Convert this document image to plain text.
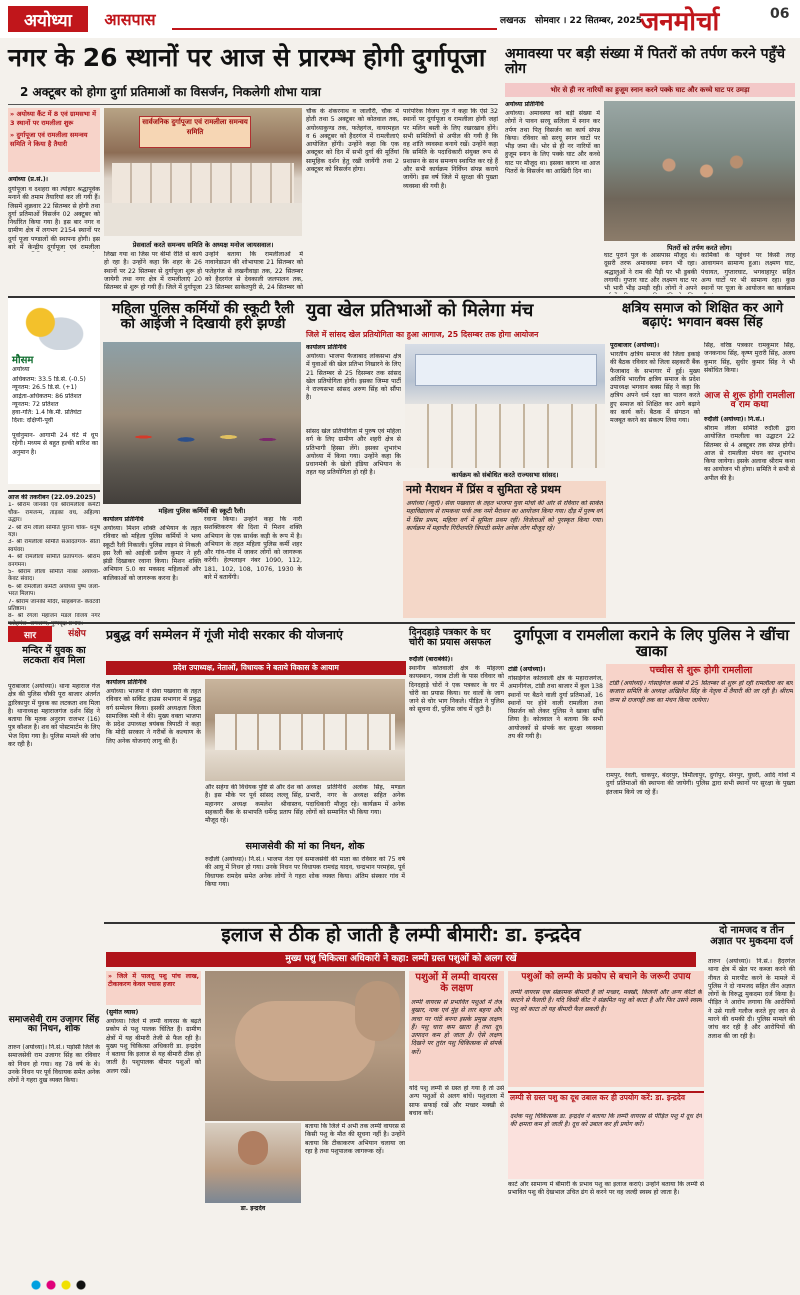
अयोध्या	आसपास	लखनऊ सोमवार । 22 सितम्बर, 2025
जनमोर्चा	06
नगर के 26 स्थानों पर आज से प्रारम्भ होगी दुर्गापूजा
2 अक्टूबर को होगा दुर्गा प्रतिमाओं का विसर्जन, निकलेगी शोभा यात्रा
» अयोध्या कैंट में 8 एवं ग्रामसभा में 3 स्थानों पर रामलीला शुरू
» दुर्गापूजा एवं रामलीला समन्वय समिति ने किया है तैयारी
अयोध्या (प्र.सं.)।
दुर्गापूजा व दशहरा का त्योहार श्रद्धापूर्वक मनाने की तमाम तैयारियां कर ली गयी हैं। जिसमें शुक्रवार 22 सितम्बर से होगी तथा दुर्गा प्रतिमाओं विसर्जन 02 अक्टूबर को निर्धारित किया गया है। इस बार नगर व ग्रामीण क्षेत्र में लगभग 2154 स्थानों पर दुर्गा पूजा पण्डालों की स्थापना होगी। इस बारे में केन्द्रीय दुर्गापूजा एवं रामलीला
सार्वजनिक दुर्गापूजा एवं रामलीला समन्वय समिति
प्रेसवार्ता करते समन्वय समिति के अध्यक्ष मनोज जायसवाल।
लिखा गया था जिस पर बीमों रीति से कार्य हो रहा है। उन्होंने कहा कि शहर के 26 स्थानों पर 22 सितम्बर से दुर्गापूजा शुरू हो जायेगी तथा नगर क्षेत्र में रामलीलाएं 20 सितम्बर से शुरू हो गयी हैं। जिले में दुर्गापूजा
उन्होंने बताया कि रामलीलाओं में नावानेडाउन की शोभायात्रा 21 सितम्बर को फतेहगंज से लखनीवाड़ा तक, 22 सितम्बर को हैदरगंज से देवकाली जलपालन तक, 23 सितम्बर साकेतपुरी से, 24 सितम्बर को
चौक के शंकरनाथ व जालौरी, चौक में होती तथा 5 अक्टूबर को कोतवाल तक, अयोध्याकुण्ड तक, फतेहगंज, वायरमहल व 6 अक्टूबर को हैदरगंज में रामलीलाएं आयोजित होंगी। उन्होंने कहा कि एक अक्टूबर को दिन में सभी दुर्गा की मूर्तियां सामूहिक दर्शन हेतु रखी जायेंगी तथा 2 अक्टूबर को विसर्जन होगा।
पारंपरिक विजय गुरु ने कहा कि ऐसे 32 स्थानों पर दुर्गापूजा व रामलीला होगी जहां पर मलिन बस्ती के लिए रखरखाव होंगे। सभी समितियों से अपील की गयी है कि वह शांति व्यवस्था बनाये रखें। उन्होंने कहा कि समिति के पदाधिकारी संयुक्त रूप से प्रशासन के साथ समन्वय स्थापित कर रहे हैं और सभी कार्यक्रम निर्विघ्न संपन्न कराये जायेंगे। इस वर्ष जिले में सुरक्षा की पुख्ता व्यवस्था की गयी है।
अमावस्या पर बड़ी संख्या में पितरों को तर्पण करने पहुँचे लोग
भोर से ही नर नारियों का हुजूम स्नान करने पक्के घाट और कच्चे घाट पर उमड़ा
अयोध्या प्रतिनिधि
अयोध्या। अमावस्या को बड़ी संख्या में लोगों ने पावन सरयू सलिला में स्नान कर तर्पण तथा पितृ विसर्जन का कार्य संपन्न किया। रविवार को सरयू स्नान घाटों पर भीड़ जमा थी। भोर से ही नर नारियों का हुजूम स्नान के लिए पक्के घाट और कच्चे घाट पर मौजूद था। इसका कारण था आज पितरों के विसर्जन का आखिरी दिन था।
पितरों को तर्पण करते लोग।
घाट पुराने पुल के आसपास मौजूद थे। दूसरी तरफ अमावस्या स्नान भी रहा। श्रद्धालुओं ने राम की पैड़ी पर भी डुबकी लगायी। गुप्तार घाट और लक्ष्मण घाट पर भी भारी भीड़ उमड़ी रही। लोगों ने अपने
कार्मिकों के पहुंचने पर किसी तरह आवागमन सामान्य हुआ। लक्ष्मण घाट, पंचायत, गुप्तारघाट, भगवाहापुर सहित अन्य घाटों पर भी सामान्य रहा। कुछ स्थानों पर पूजा के आयोजन का कार्यक्रम
महिला पुलिस कर्मियों की स्कूटी रैली को आईजी ने दिखायी हरी झण्डी
महिला पुलिस कर्मियों की स्कूटी रैली।
कार्यालय प्रतिनिधि
अयोध्या। मिशन शक्ति अभियान के तहत रविवार को महिला पुलिस कर्मियों ने भव्य स्कूटी रैली निकाली। पुलिस लाइन से निकली इस रैली को आईजी प्रवीण कुमार ने हरी झंडी दिखाकर रवाना किया। मिशन शक्ति अभियान 5.0 का मकसद महिलाओं और बालिकाओं को जागरूक करना है।
रवाना किया। उन्होंने कहा कि नारी सशक्तिकरण की दिशा में मिशन शक्ति अभियान के एक सार्थक कड़ी के रूप में है। अभियान के तहत महिला पुलिस कर्मी शहर और गांव-गांव में जाकर लोगों को जागरूक करेंगी। हेल्पलाइन नंबर 1090, 112, 181, 102, 108, 1076, 1930 के बारे में बतायेंगी।
मौसम
अयोध्या
अधिकतम: 33.5 डि.से. (-0.5)
न्यूनतम: 26.5 डि.से. (+1)
आर्द्रता-अधिकतम: 86 प्रतिशत
न्यूनतम: 72 प्रतिशत
हवा-गति: 1.4 कि.मी. प्रतिघंटा
दिशा: दक्षिणी-पूर्वी
पूर्वानुमान- आगामी 24 घंटे में धूप रहेगी। मध्यम से बहुत हल्की बारिश का अनुमान है।
आज की तकरीबन (22.09.2025)
1- श्रीराम जानकी एवं श्रीरामलीला कमेटी चौक- रामजन्म, ताड़का वध, अहिल्या उद्धार।
2- श्री राम लीला समिति पुराना चौक- धनुष यज्ञ।
3- श्री रामलीला समिति सआदतगंज- सीता स्वयंवर।
4- श्री रामलीला समिति प्रतापगंज- श्रीराम वनगमन।
5- श्रीराम लीला समिति नाका अयोध्या- केवट संवाद।
6- श्री रामलीला कमेटी अयोध्या पुष्प जलो- भरत मिलाप।
7- श्रीराम जानकी मंदिर, साहबगंज- केवटवी प्रतिष्ठान।
8- श्री रंगला महाजन मंडल विजय नगर
युवा खेल प्रतिभाओं को मिलेगा मंच
जिले में सांसद खेल प्रतियोगिता का हुआ आगाज, 25 दिसम्बर तक होगा आयोजन
कार्यालय प्रतिनिधि
अयोध्या। भाजपा फैजाबाद लोकसभा क्षेत्र में युवाओं की खेल प्रतिभा निखारने के लिए 21 सितम्बर से 25 दिसम्बर तक सांसद खेल प्रतियोगिता होगी। इसका जिम्मा पार्टी ने राज्यसभा सांसद अरुण सिंह को सौंपा है।
कार्यक्रम को संबोधित करते राज्यसभा सांसद।
सांसद खेल प्रतियोगिता में पुरुष एवं महिला वर्ग के लिए ग्रामीण और शहरी क्षेत्र से प्रतिभागी हिस्सा लेंगे। इसका शुभारंभ अयोध्या में किया गया। उन्होंने कहा कि प्रधानमंत्री के खेलो इंडिया अभियान के तहत यह प्रतियोगिता हो रही है।
नमो मैराथन में प्रिंस व सुमिता रहे प्रथम
अयोध्या (व्यूरो)। सेवा पखवारा के तहत भाजपा युवा मोर्चा की ओर से रविवार को साकेत महाविद्यालय से रामकथा पार्क तक नमो मैराथन का आयोजन किया गया। दौड़ में पुरुष वर्ग में प्रिंस प्रथम, महिला वर्ग में सुमिता प्रथम रहीं। विजेताओं को पुरस्कृत किया गया। कार्यक्रम में महापौर गिरीशपति त्रिपाठी समेत अनेक लोग मौजूद रहे।
क्षत्रिय समाज को शिक्षित कर आगे बढ़ाएं: भगवान बक्स सिंह
पूराबाजार (अयोध्या)।
भारतीय क्षत्रिय समाज की जिला इकाई की बैठक रविवार को जिला सहकारी बैंक फैजाबाद के सभागार में हुई। मुख्य अतिथि भारतीय क्षत्रिय समाज के प्रदेश उपाध्यक्ष भगवान बक्स सिंह ने कहा कि क्षत्रिय अपने धर्म रक्षा का पालन करते हुए समाज को शिक्षित कर आगे बढ़ाने का कार्य करें। बैठक में संगठन को मजबूत करने का संकल्प लिया गया।
सिंह, वरिष्ठ पत्रकार रामकुमार सिंह, जनकनाथ सिंह, कृष्ण मुरारी सिंह, अजय कुमार सिंह, सुधीर कुमार सिंह ने भी संबोधित किया।
आज से शुरू होगी रामलीला व राम कथा
रुदौली (अयोध्या)। नि.सं.।
श्रीराम लीला समिति रुदौली द्वारा आयोजित रामलीला का उद्घाटन 22 सितम्बर से 4 अक्टूबर तक संपन्न होगी। आज से रामलीला मंचन का शुभारंभ किया जायेगा। इसके अलावा श्रीराम कथा का आयोजन भी होगा। समिति ने सभी से अपील की है।
सार	संक्षेप
मन्दिर में युवक का लटकता शव मिला
पूराबाजार (अयोध्या)। थाना महाराज गंज क्षेत्र की पुलिस चौकी पूरा बाजार अंतर्गत द्वारिकापुर में युवक का लटकता शव मिला है। थानाध्यक्ष महाराजगंज दर्शन सिंह ने बताया कि मृतक अनुराग राजभर (16) पुत्र कौशल है। शव को पोस्टमार्टम के लिए भेज दिया गया है। पुलिस मामले की जांच कर रही है।
समाजसेवी राम उजागर सिंह का निधन, शोक
तारुन (अयोध्या)। नि.सं.। पड़ोसी जिले के समाजसेवी राम उजागर सिंह का रविवार को निधन हो गया। वह 78 वर्ष के थे। उनके निधन पर पूर्व विधायक समेत अनेक लोगों ने गहरा दुख व्यक्त किया।
प्रबुद्ध वर्ग सम्मेलन में गूंजी मोदी सरकार की योजनाएं
प्रदेश उपाध्यक्ष, नेताओं, विधायक ने बताये विकास के आयाम
कार्यालय प्रतिनिधि
अयोध्या। भाजपा ने सेवा पखवारा के तहत रविवार को सर्किट हाउस सभागार में प्रबुद्ध वर्ग सम्मेलन किया। इसकी अध्यक्षता जिला सामाजिक मंत्री ने की। मुख्य वक्ता भाजपा के प्रदेश उपाध्यक्ष त्रयंबक त्रिपाठी ने कहा कि मोदी सरकार ने गरीबों के कल्याण के लिए अनेक योजनाएं लागू की हैं।
और सहेगा की विधेयक पुष्टि से और देश को है। इस मौके पर पूर्व सांसद लल्लू सिंह, महानगर अध्यक्ष कमलेश श्रीवास्तव, सहकारी बैंक के सभापति धर्मेन्द्र प्रताप सिंह मौजूद रहे।
अध्यक्ष प्रतिनिधि अलोक सिंह, मण्डल प्रभारी, नगर के अध्यक्ष सहित अनेक पदाधिकारी मौजूद रहे। कार्यक्रम में अनेक लोगों को सम्मानित भी किया गया।
समाजसेवी की मां का निधन, शोक
रुदौली (अयोध्या)। नि.सं.। भाजपा नेता एवं समाजसेवी की माता का रविवार को 75 वर्ष की आयु में निधन हो गया। उनके निधन पर विधायक रामचंद्र यादव, चन्द्रभान परमहंस, पूर्व विधायक रामदेव समेत अनेक लोगों ने गहरा शोक व्यक्त किया। अंतिम संस्कार गांव में किया गया।
दिनदहाड़े पत्रकार के घर चोरी का प्रयास असफल
रुदौली (बाराबंकी)।
स्थानीय कोतवाली क्षेत्र के मोहल्ला कायस्थान, नवाब टोली के पास रविवार को दिनदहाड़े चोरों ने एक पत्रकार के घर में चोरी का प्रयास किया। घर वालों के जाग जाने से चोर भाग निकले। पीड़ित ने पुलिस को सूचना दी, पुलिस जांच में जुटी है।
दुर्गापूजा व रामलीला कराने के लिए पुलिस ने खींचा खाका
टांडी (अयोध्या)।
गोसाईगंज कोतवाली क्षेत्र के महाराजगंज, अमानीगंज, टांडी तथा बाजार में कुल 138 स्थानों पर बैठने वाली दुर्गा प्रतिमाओं, 16 स्थानों पर होने वाली रामलीला तथा विसर्जन को लेकर पुलिस ने खाका खींच लिया है। कोतवाल ने बताया कि सभी आयोजकों से संपर्क कर सुरक्षा व्यवस्था तय की गयी है।
पच्चीस से शुरू होगी रामलीला
टांडी (अयोध्या)। गोसाईगंज कस्बे में 25 सितम्बर से शुरू हो रही रामलीला का बार कजारा समिति के अध्यक्ष अखिलेश सिंह के नेतृत्व में तैयारी की जा रही है। श्रीराम जन्म से राजगद्दी तक का मंचन किया जायेगा।
रामपुर, रेवती, चाकपुर, बंदरपुर, त्रिमौलापुर, दुर्गापुर, सेनपुर, घुघरी, आदि गांवों में दुर्गा प्रतिमाओं की स्थापना की जायेगी। पुलिस द्वारा सभी स्थानों पर सुरक्षा के पुख्ता इंतजाम किये जा रहे हैं।
इलाज से ठीक हो जाती है लम्पी बीमारी: डा. इन्द्रदेव
मुख्य पशु चिकित्सा अधिकारी ने कहा: लम्पी ग्रस्त पशुओं को अलग रखें
» जिले में पालतू पशु पांच लाख, टीकाकरण केवल पचास हजार
(सुमीत व्यास)
अयोध्या। जिले में लम्पी वायरस के बढ़ते प्रकोप से पशु पालक चिंतित हैं। ग्रामीण क्षेत्रों में यह बीमारी तेजी से फैल रही है। मुख्य पशु चिकित्सा अधिकारी डा. इन्द्रदेव ने बताया कि इलाज से यह बीमारी ठीक हो जाती है। पशुपालक बीमार पशुओं को अलग रखें।
डा. इन्द्रदेव
बताया कि जिले में अभी तक लम्पी वायरस से किसी पशु के मौत की सूचना नहीं है। उन्होंने बताया कि टीकाकरण अभियान चलाया जा रहा है तथा पशुपालक जागरूक रहें।
पशुओं में लम्पी वायरस के लक्षण
लम्पी वायरस से प्रभावित पशुओं में तेज बुखार, नाक एवं मुंह से लार बहना और त्वचा पर गांठें बनना इसके प्रमुख लक्षण हैं। पशु चारा कम खाता है तथा दूध उत्पादन कम हो जाता है। ऐसे लक्षण दिखने पर तुरंत पशु चिकित्सक से संपर्क करें।
यदि पशु लम्पी से ग्रस्त हो गया है तो उसे अन्य पशुओं से अलग बांधें। पशुशाला में साफ सफाई रखें और मच्छर मक्खी से बचाव करें।
पशुओं को लम्पी के प्रकोप से बचाने के जरूरी उपाय
लम्पी वायरस एक संक्रामक बीमारी है जो मच्छर, मक्खी, किलनी और अन्य कीटों के काटने से फैलती है। यदि किसी कीट ने संक्रमित पशु को काटा है और फिर उसने स्वस्थ पशु को काटा तो यह बीमारी फैल सकती है।
लम्पी से ग्रस्त पशु का दूध उबाल कर ही उपयोग करें: डा. इन्द्रदेव
दर्शक पशु चिकित्सक डा. इन्द्रदेव ने बताया कि लम्पी वायरस से पीड़ित पशु में दूध देने की क्षमता कम हो जाती है। दूध को उबाल कर ही प्रयोग करें।
काटें और सामान्य में बीमारी के प्रभाव पशु का इलाज कराएं। उन्होंने बताया कि लम्पी से प्रभावित पशु की देखभाल उचित ढंग से करने पर वह जल्दी स्वस्थ हो जाता है।
दो नामजद व तीन अज्ञात पर मुकदमा दर्ज
तारुन (अयोध्या)। नि.सं.। हैदरगंज थाना क्षेत्र में खेत पर कब्जा करने की नीयत से मारपीट करने के मामले में पुलिस ने दो नामजद सहित तीन अज्ञात लोगों के विरुद्ध मुकदमा दर्ज किया है। पीड़ित ने आरोप लगाया कि आरोपियों ने उसे गाली गलौज करते हुए जान से मारने की धमकी दी। पुलिस मामले की जांच कर रही है और आरोपियों की तलाश की जा रही है।
